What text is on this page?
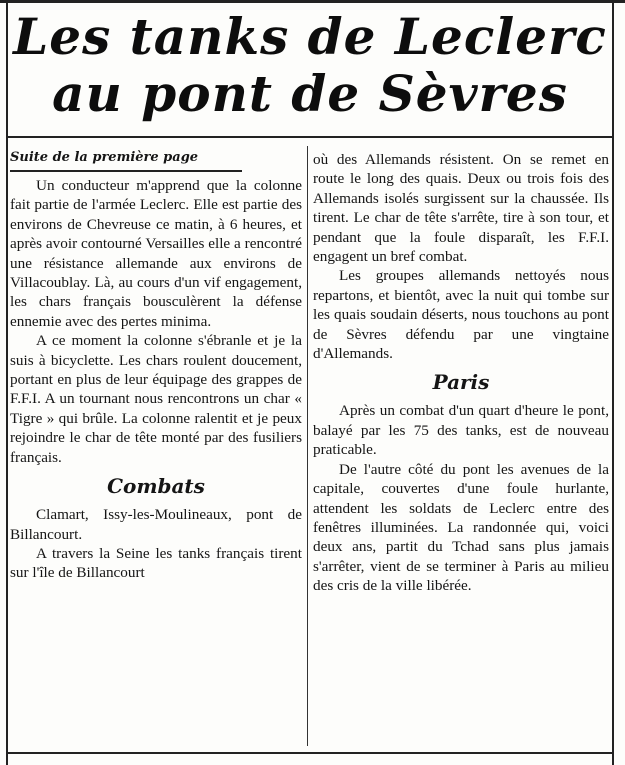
Les tanks de Leclerc
au pont de Sèvres
Suite de la première page

Un conducteur m'apprend que la colonne fait partie de l'armée Leclerc. Elle est partie des environs de Chevreuse ce matin, à 6 heures, et après avoir contourné Versailles elle a rencontré une résistance allemande aux environs de Villacoublay. Là, au cours d'un vif engagement, les chars français bousculèrent la défense ennemie avec des pertes minima.

A ce moment la colonne s'ébranle et je la suis à bicyclette. Les chars roulent doucement, portant en plus de leur équipage des grappes de F.F.I. A un tournant nous rencontrons un char « Tigre » qui brûle. La colonne ralentit et je peux rejoindre le char de tête monté par des fusiliers français.

Combats

Clamart, Issy-les-Moulineaux, pont de Billancourt.

A travers la Seine les tanks français tirent sur l'île de Billancourt

où des Allemands résistent. On se remet en route le long des quais. Deux ou trois fois des Allemands isolés surgissent sur la chaussée. Ils tirent. Le char de tête s'arrête, tire à son tour, et pendant que la foule disparaît, les F.F.I. engagent un bref combat.

Les groupes allemands nettoyés nous repartons, et bientôt, avec la nuit qui tombe sur les quais soudain déserts, nous touchons au pont de Sèvres défendu par une vingtaine d'Allemands.

Paris

Après un combat d'un quart d'heure le pont, balayé par les 75 des tanks, est de nouveau praticable.

De l'autre côté du pont les avenues de la capitale, couvertes d'une foule hurlante, attendent les soldats de Leclerc entre des fenêtres illuminées. La randonnée qui, voici deux ans, partit du Tchad sans plus jamais s'arrêter, vient de se terminer à Paris au milieu des cris de la ville libérée.
